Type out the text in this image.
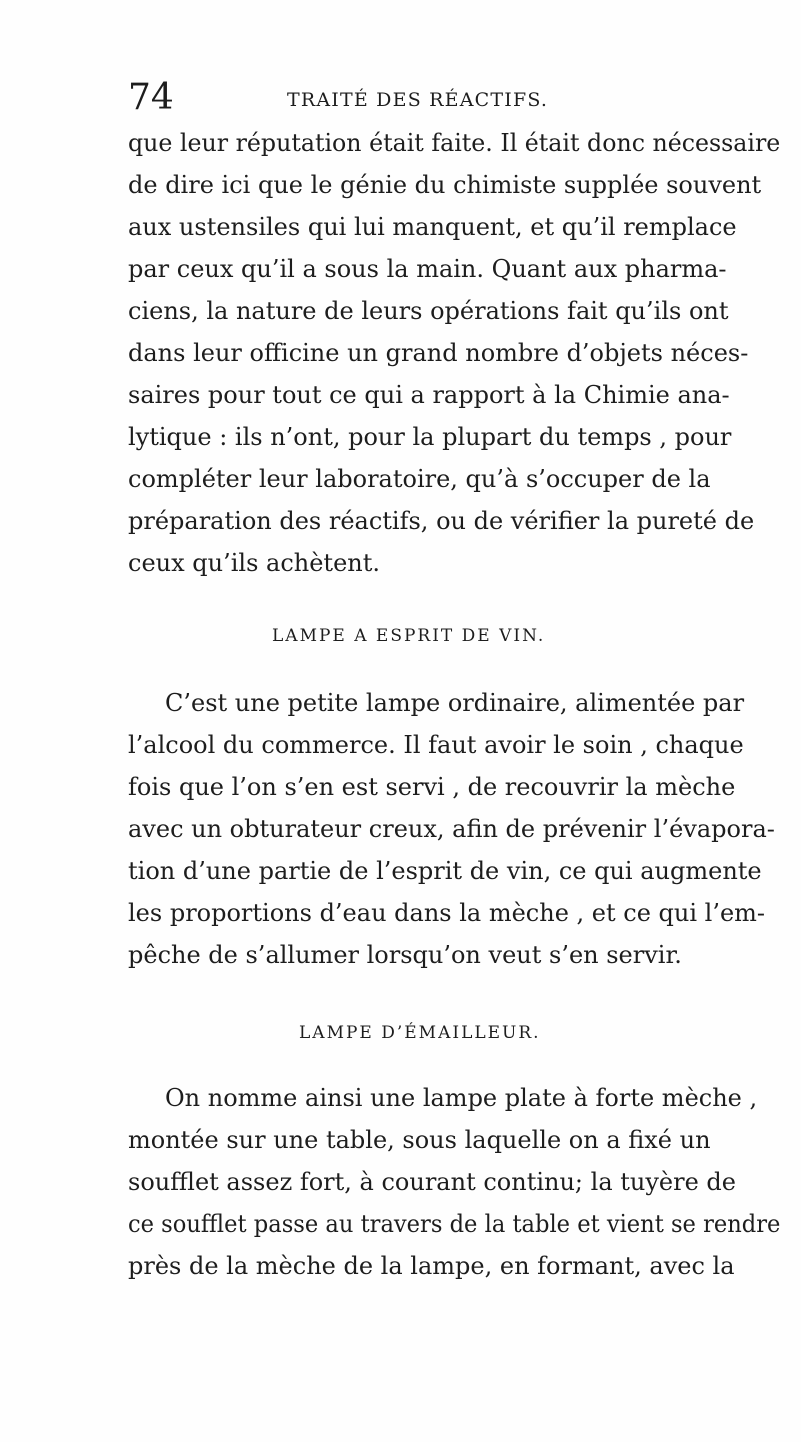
74	TRAITÉ DES RÉACTIFS.
que leur réputation était faite. Il était donc nécessaire
de dire ici que le génie du chimiste supplée souvent
aux ustensiles qui lui manquent, et qu’il remplace
par ceux qu’il a sous la main. Quant aux pharma-
ciens, la nature de leurs opérations fait qu’ils ont
dans leur officine un grand nombre d’objets néces-
saires pour tout ce qui a rapport à la Chimie ana-
lytique : ils n’ont, pour la plupart du temps , pour
compléter leur laboratoire, qu’à s’occuper de la
préparation des réactifs, ou de vérifier la pureté de
ceux qu’ils achètent.
LAMPE A ESPRIT DE VIN.
C’est une petite lampe ordinaire, alimentée par
l’alcool du commerce. Il faut avoir le soin , chaque
fois que l’on s’en est servi , de recouvrir la mèche
avec un obturateur creux, afin de prévenir l’évapora-
tion d’une partie de l’esprit de vin, ce qui augmente
les proportions d’eau dans la mèche , et ce qui l’em-
pêche de s’allumer lorsqu’on veut s’en servir.
LAMPE D’ÉMAILLEUR.
On nomme ainsi une lampe plate à forte mèche ,
montée sur une table, sous laquelle on a fixé un
soufflet assez fort, à courant continu; la tuyère de
ce soufflet passe au travers de la table et vient se rendre
près de la mèche de la lampe, en formant, avec la
